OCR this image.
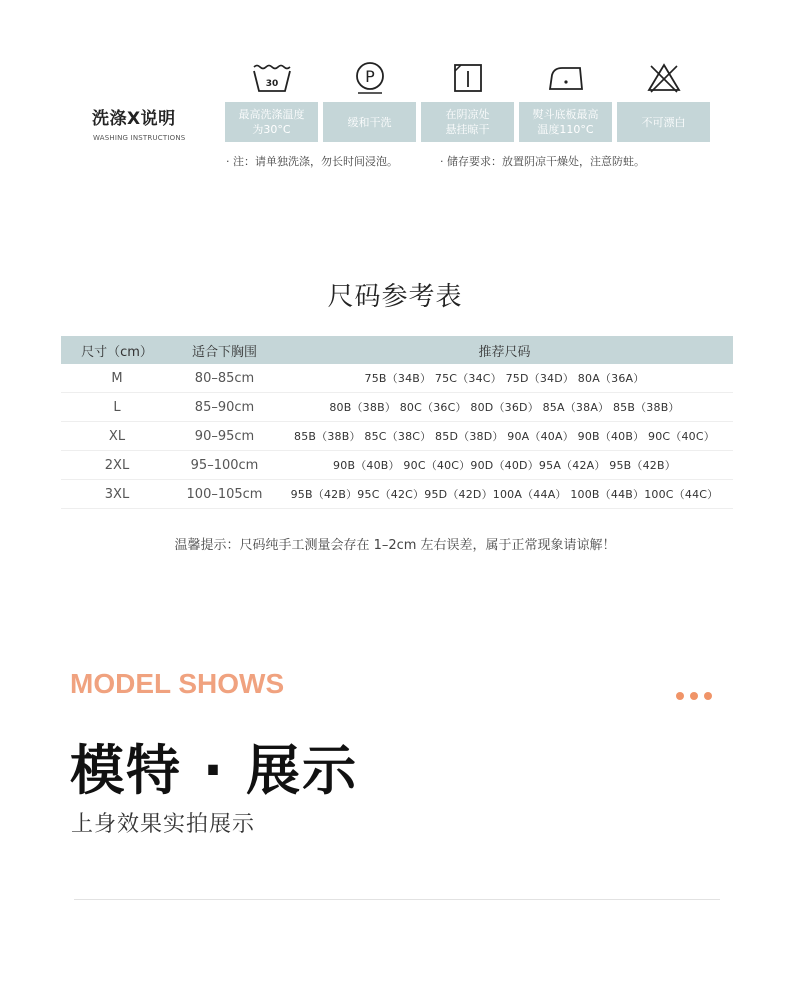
洗涤X说明
WASHING INSTRUCTIONS
30
最高洗涤温度
为30°C
P
缓和干洗
在阴凉处
悬挂晾干
熨斗底板最高
温度110°C
不可漂白
· 注：请单独洗涤，勿长时间浸泡。	· 储存要求：放置阴凉干燥处，注意防蛀。
尺码参考表
尺寸（cm）	适合下胸围	推荐尺码
M	80–85cm	75B（34B） 75C（34C） 75D（34D） 80A（36A）
L	85–90cm	80B（38B） 80C（36C） 80D（36D） 85A（38A） 85B（38B）
XL	90–95cm	85B（38B） 85C（38C） 85D（38D） 90A（40A） 90B（40B） 90C（40C）
2XL	95–100cm	90B（40B） 90C（40C）90D（40D）95A（42A） 95B（42B）
3XL	100–105cm	95B（42B）95C（42C）95D（42D）100A（44A） 100B（44B）100C（44C）
温馨提示：尺码纯手工测量会存在 1–2cm 左右误差，属于正常现象请谅解！
MODEL SHOWS
模特 · 展示
上身效果实拍展示
